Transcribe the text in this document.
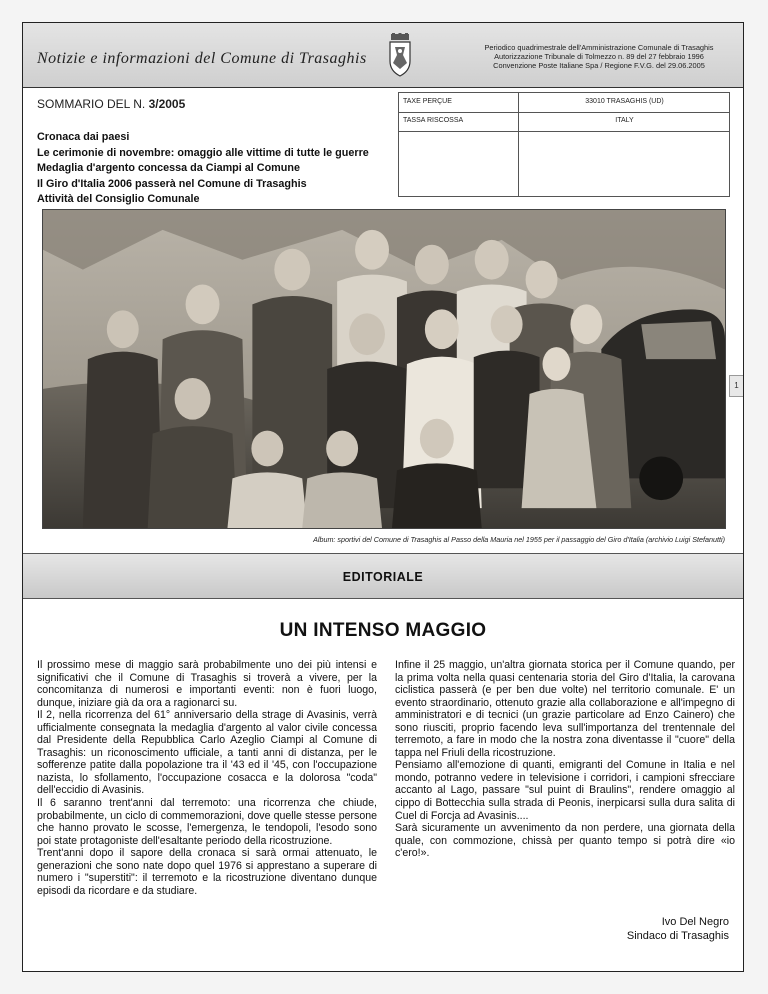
Notizie e informazioni del Comune di Trasaghis
Periodico quadrimestrale dell'Amministrazione Comunale di Trasaghis
Autorizzazione Tribunale di Tolmezzo n. 89 del 27 febbraio 1996
Convenzione Poste Italiane Spa / Regione F.V.G. del 29.06.2005
SOMMARIO DEL N. 3/2005
Cronaca dai paesi
Le cerimonie di novembre: omaggio alle vittime di tutte le guerre
Medaglia d'argento concessa da Ciampi al Comune
Il Giro d'Italia 2006 passerà nel Comune di Trasaghis
Attività del Consiglio Comunale
TAXE PERÇUE	33010 TRASAGHIS (UD)
TASSA RISCOSSA	ITALY
Album: sportivi del Comune di Trasaghis al Passo della Mauria nel 1955 per il passaggio del Giro d'Italia (archivio Luigi Stefanutti)
1
EDITORIALE
UN INTENSO MAGGIO

Il prossimo mese di maggio sarà probabilmente uno dei più intensi e significativi che il Comune di Trasaghis si troverà a vivere, per la concomitanza di numerosi e importanti eventi: non è fuori luogo, dunque, iniziare già da ora a ragionarci su.

Il 2, nella ricorrenza del 61° anniversario della strage di Avasinis, verrà ufficialmente consegnata la medaglia d'argento al valor civile concessa dal Presidente della Repubblica Carlo Azeglio Ciampi al Comune di Trasaghis: un riconoscimento ufficiale, a tanti anni di distanza, per le sofferenze patite dalla popolazione tra il '43 ed il '45, con l'occupazione nazista, lo sfollamento, l'occupazione cosacca e la dolorosa "coda" dell'eccidio di Avasinis.

Il 6 saranno trent'anni dal terremoto: una ricorrenza che chiude, probabilmente, un ciclo di commemorazioni, dove quelle stesse persone che hanno provato le scosse, l'emergenza, le tendopoli, l'esodo sono poi state protagoniste dell'esaltante periodo della ricostruzione.

Trent'anni dopo il sapore della cronaca si sarà ormai attenuato, le generazioni che sono nate dopo quel 1976 si apprestano a superare di numero i "superstiti": il terremoto e la ricostruzione diventano dunque episodi da ricordare e da studiare.

Infine il 25 maggio, un'altra giornata storica per il Comune quando, per la prima volta nella quasi centenaria storia del Giro d'Italia, la carovana ciclistica passerà (e per ben due volte) nel territorio comunale. E' un evento straordinario, ottenuto grazie alla collaborazione e all'impegno di amministratori e di tecnici (un grazie particolare ad Enzo Cainero) che sono riusciti, proprio facendo leva sull'importanza del trentennale del terremoto, a fare in modo che la nostra zona diventasse il "cuore" della tappa nel Friuli della ricostruzione.

Pensiamo all'emozione di quanti, emigranti del Comune in Italia e nel mondo, potranno vedere in televisione i corridori, i campioni sfrecciare accanto al Lago, passare "sul puint di Braulins", rendere omaggio al cippo di Bottecchia sulla strada di Peonis, inerpicarsi sulla dura salita di Cuel di Forcja ad Avasinis....

Sarà sicuramente un avvenimento da non perdere, una giornata della quale, con commozione, chissà per quanto tempo si potrà dire «io c'ero!».

Ivo Del Negro
Sindaco di Trasaghis
